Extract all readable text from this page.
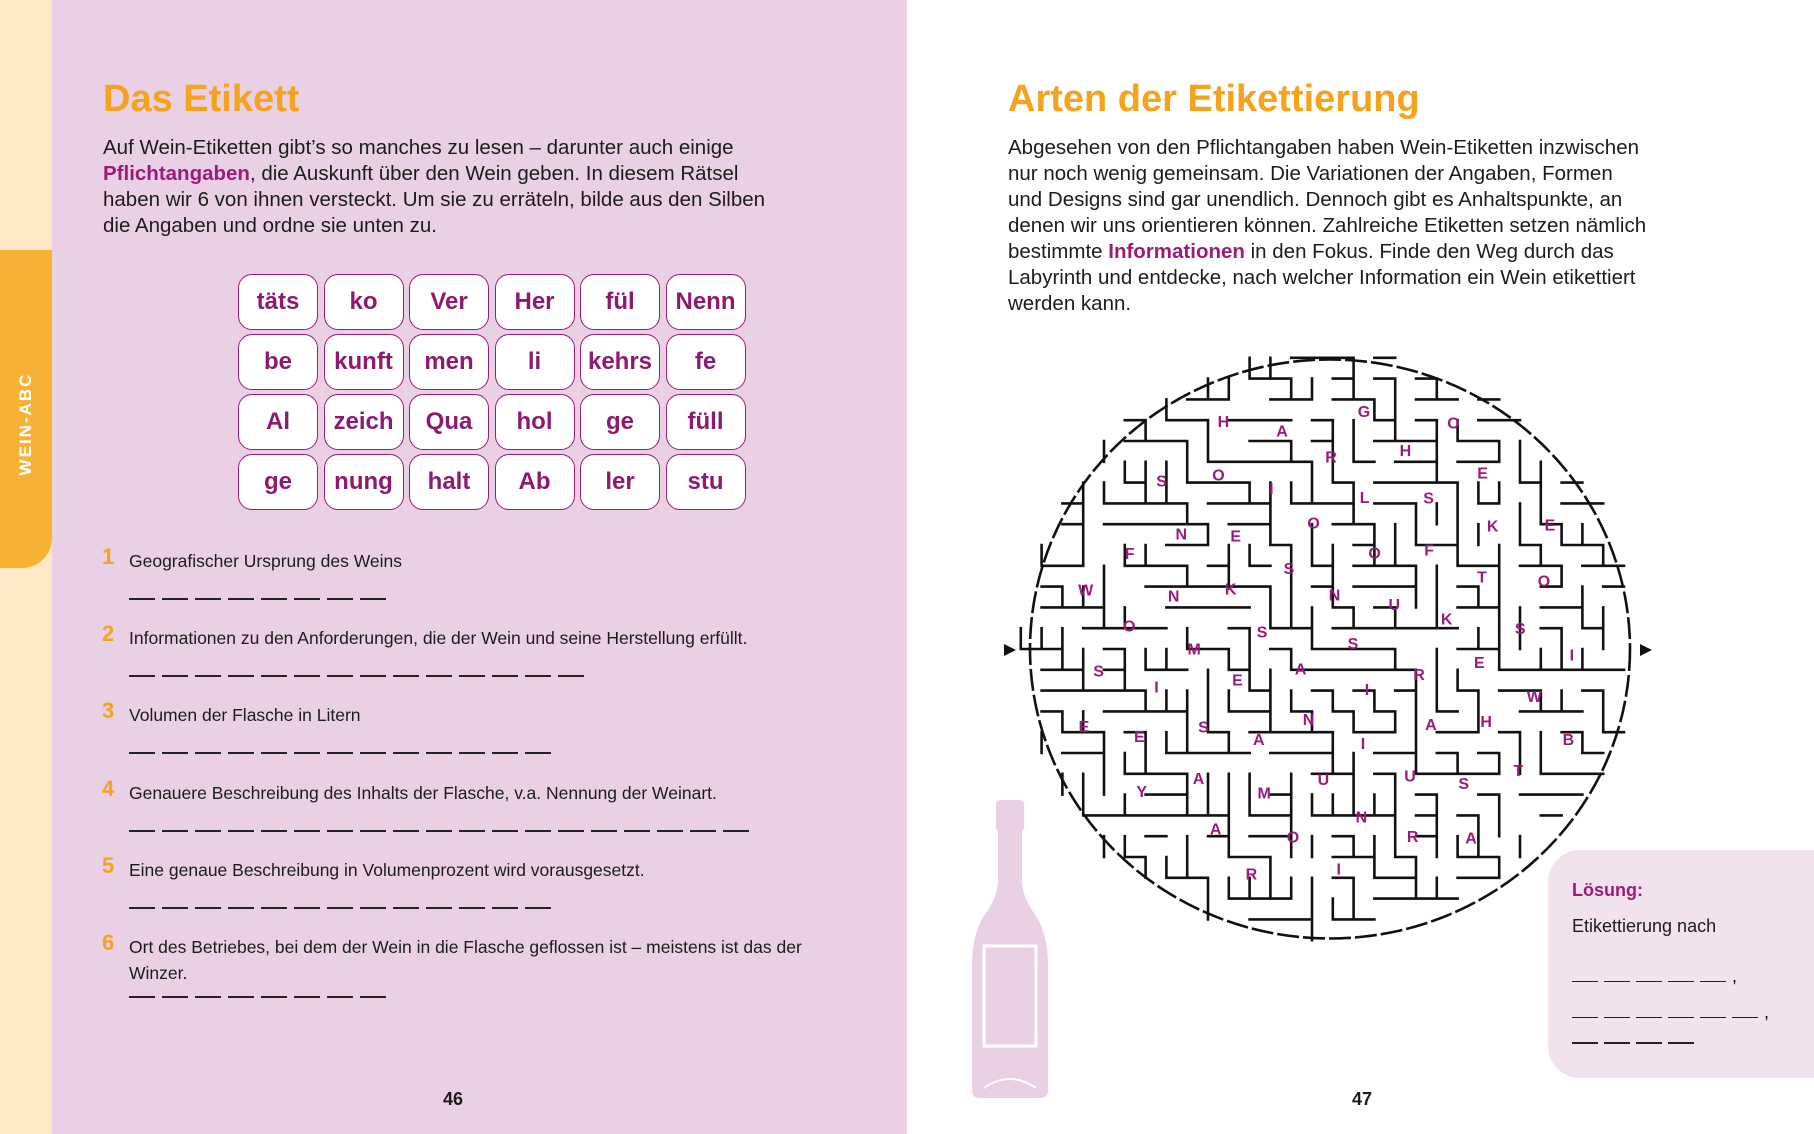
WEIN-ABC
Das Etikett
Auf Wein-Etiketten gibt’s so manches zu lesen – darunter auch einige
Pflichtangaben, die Auskunft über den Wein geben. In diesem Rätsel
haben wir 6 von ihnen versteckt. Um sie zu erräteln, bilde aus den Silben
die Angaben und ordne sie unten zu.
täts	ko	Ver	Her	fül	Nenn
be	kunft	men	li	kehrs	fe
Al	zeich	Qua	hol	ge	füll
ge	nung	halt	Ab	ler	stu
1 Geografischer Ursprung des Weins
2 Informationen zu den Anforderungen, die der Wein und seine Herstellung erfüllt.
3 Volumen der Flasche in Litern
4 Genauere Beschreibung des Inhalts der Flasche, v.a. Nennung der Weinart.
5 Eine genaue Beschreibung in Volumenprozent wird vorausgesetzt.
6 Ort des Betriebes, bei dem der Wein in die Flasche geflossen ist – meistens ist das der Winzer.
46
Arten der Etikettierung
Abgesehen von den Pflichtangaben haben Wein-Etiketten inzwischen
nur noch wenig gemeinsam. Die Variationen der Angaben, Formen
und Designs sind gar unendlich. Dennoch gibt es Anhaltspunkte, an
denen wir uns orientieren können. Zahlreiche Etiketten setzen nämlich
bestimmte Informationen in den Fokus. Finde den Weg durch das
Labyrinth und entdecke, nach welcher Information ein Wein etikettiert
werden kann.
S
A
N
I
S
U
N
S
R
E
O
I
K
K
A
O
A
M
F
U
E
E
S
L
U
N
T
M
I
H
I
S
N
N
S
A
R
S
O
K
O
O
W
E
H
R
F
O
A
A
T
S
E
I
S
I
Y
G
A
W
E
R
H
B
E
O
Lösung:
Etikettierung nach
,
,
47
